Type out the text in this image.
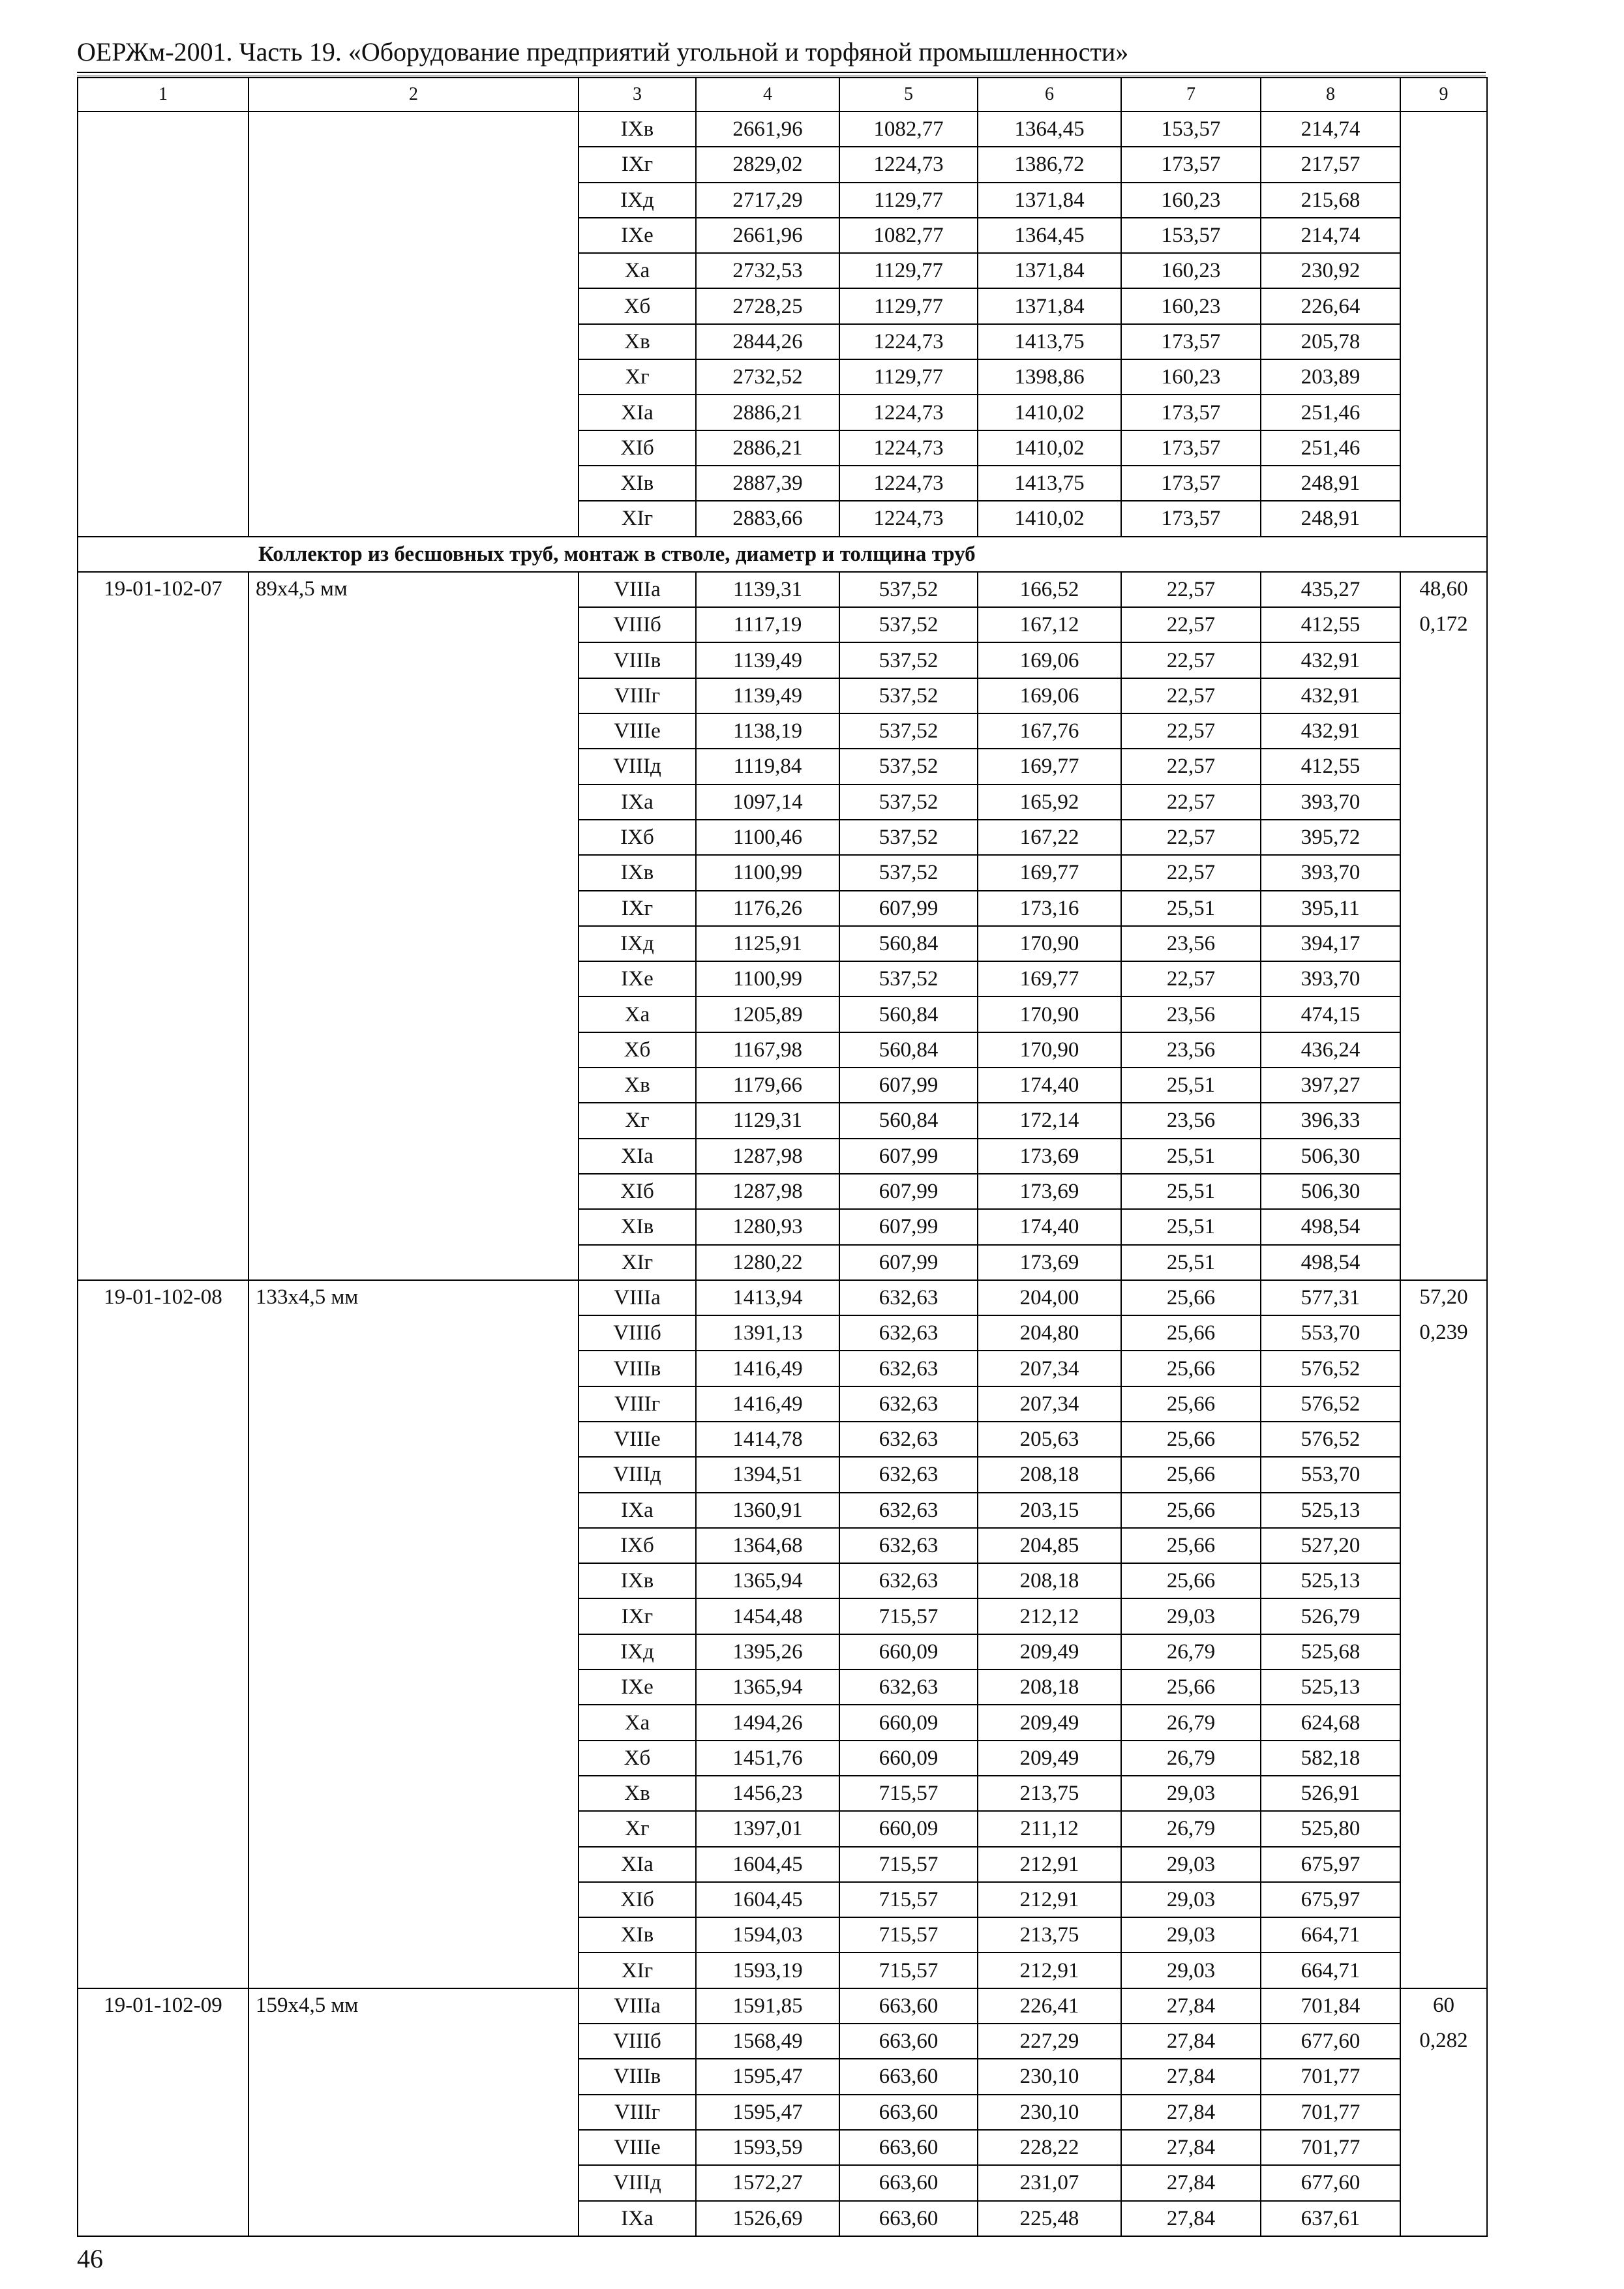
ОЕРЖм-2001. Часть 19. «Оборудование предприятий угольной и торфяной промышленности»
1	2	3	4	5	6	7	8	9
		IXв	2661,96	1082,77	1364,45	153,57	214,74	
		IXг	2829,02	1224,73	1386,72	173,57	217,57	
		IXд	2717,29	1129,77	1371,84	160,23	215,68	
		IXе	2661,96	1082,77	1364,45	153,57	214,74	
		Xа	2732,53	1129,77	1371,84	160,23	230,92	
		Xб	2728,25	1129,77	1371,84	160,23	226,64	
		Xв	2844,26	1224,73	1413,75	173,57	205,78	
		Xг	2732,52	1129,77	1398,86	160,23	203,89	
		XIа	2886,21	1224,73	1410,02	173,57	251,46	
		XIб	2886,21	1224,73	1410,02	173,57	251,46	
		XIв	2887,39	1224,73	1413,75	173,57	248,91	
		XIг	2883,66	1224,73	1410,02	173,57	248,91	
Коллектор из бесшовных труб, монтаж в стволе, диаметр и толщина труб								
19-01-102-07	89х4,5 мм	VIIIа	1139,31	537,52	166,52	22,57	435,27	48,60
0,172

		VIIIб	1117,19	537,52	167,12	22,57	412,55	
		VIIIв	1139,49	537,52	169,06	22,57	432,91	
		VIIIг	1139,49	537,52	169,06	22,57	432,91	
		VIIIе	1138,19	537,52	167,76	22,57	432,91	
		VIIIд	1119,84	537,52	169,77	22,57	412,55	
		IXа	1097,14	537,52	165,92	22,57	393,70	
		IXб	1100,46	537,52	167,22	22,57	395,72	
		IXв	1100,99	537,52	169,77	22,57	393,70	
		IXг	1176,26	607,99	173,16	25,51	395,11	
		IXд	1125,91	560,84	170,90	23,56	394,17	
		IXе	1100,99	537,52	169,77	22,57	393,70	
		Xа	1205,89	560,84	170,90	23,56	474,15	
		Xб	1167,98	560,84	170,90	23,56	436,24	
		Xв	1179,66	607,99	174,40	25,51	397,27	
		Xг	1129,31	560,84	172,14	23,56	396,33	
		XIа	1287,98	607,99	173,69	25,51	506,30	
		XIб	1287,98	607,99	173,69	25,51	506,30	
		XIв	1280,93	607,99	174,40	25,51	498,54	
		XIг	1280,22	607,99	173,69	25,51	498,54	
19-01-102-08	133х4,5 мм	VIIIа	1413,94	632,63	204,00	25,66	577,31	57,20
0,239

		VIIIб	1391,13	632,63	204,80	25,66	553,70	
		VIIIв	1416,49	632,63	207,34	25,66	576,52	
		VIIIг	1416,49	632,63	207,34	25,66	576,52	
		VIIIе	1414,78	632,63	205,63	25,66	576,52	
		VIIIд	1394,51	632,63	208,18	25,66	553,70	
		IXа	1360,91	632,63	203,15	25,66	525,13	
		IXб	1364,68	632,63	204,85	25,66	527,20	
		IXв	1365,94	632,63	208,18	25,66	525,13	
		IXг	1454,48	715,57	212,12	29,03	526,79	
		IXд	1395,26	660,09	209,49	26,79	525,68	
		IXе	1365,94	632,63	208,18	25,66	525,13	
		Xа	1494,26	660,09	209,49	26,79	624,68	
		Xб	1451,76	660,09	209,49	26,79	582,18	
		Xв	1456,23	715,57	213,75	29,03	526,91	
		Xг	1397,01	660,09	211,12	26,79	525,80	
		XIа	1604,45	715,57	212,91	29,03	675,97	
		XIб	1604,45	715,57	212,91	29,03	675,97	
		XIв	1594,03	715,57	213,75	29,03	664,71	
		XIг	1593,19	715,57	212,91	29,03	664,71	
19-01-102-09	159х4,5 мм	VIIIа	1591,85	663,60	226,41	27,84	701,84	60
0,282

		VIIIб	1568,49	663,60	227,29	27,84	677,60	
		VIIIв	1595,47	663,60	230,10	27,84	701,77	
		VIIIг	1595,47	663,60	230,10	27,84	701,77	
		VIIIе	1593,59	663,60	228,22	27,84	701,77	
		VIIIд	1572,27	663,60	231,07	27,84	677,60	
		IXа	1526,69	663,60	225,48	27,84	637,61	
46
